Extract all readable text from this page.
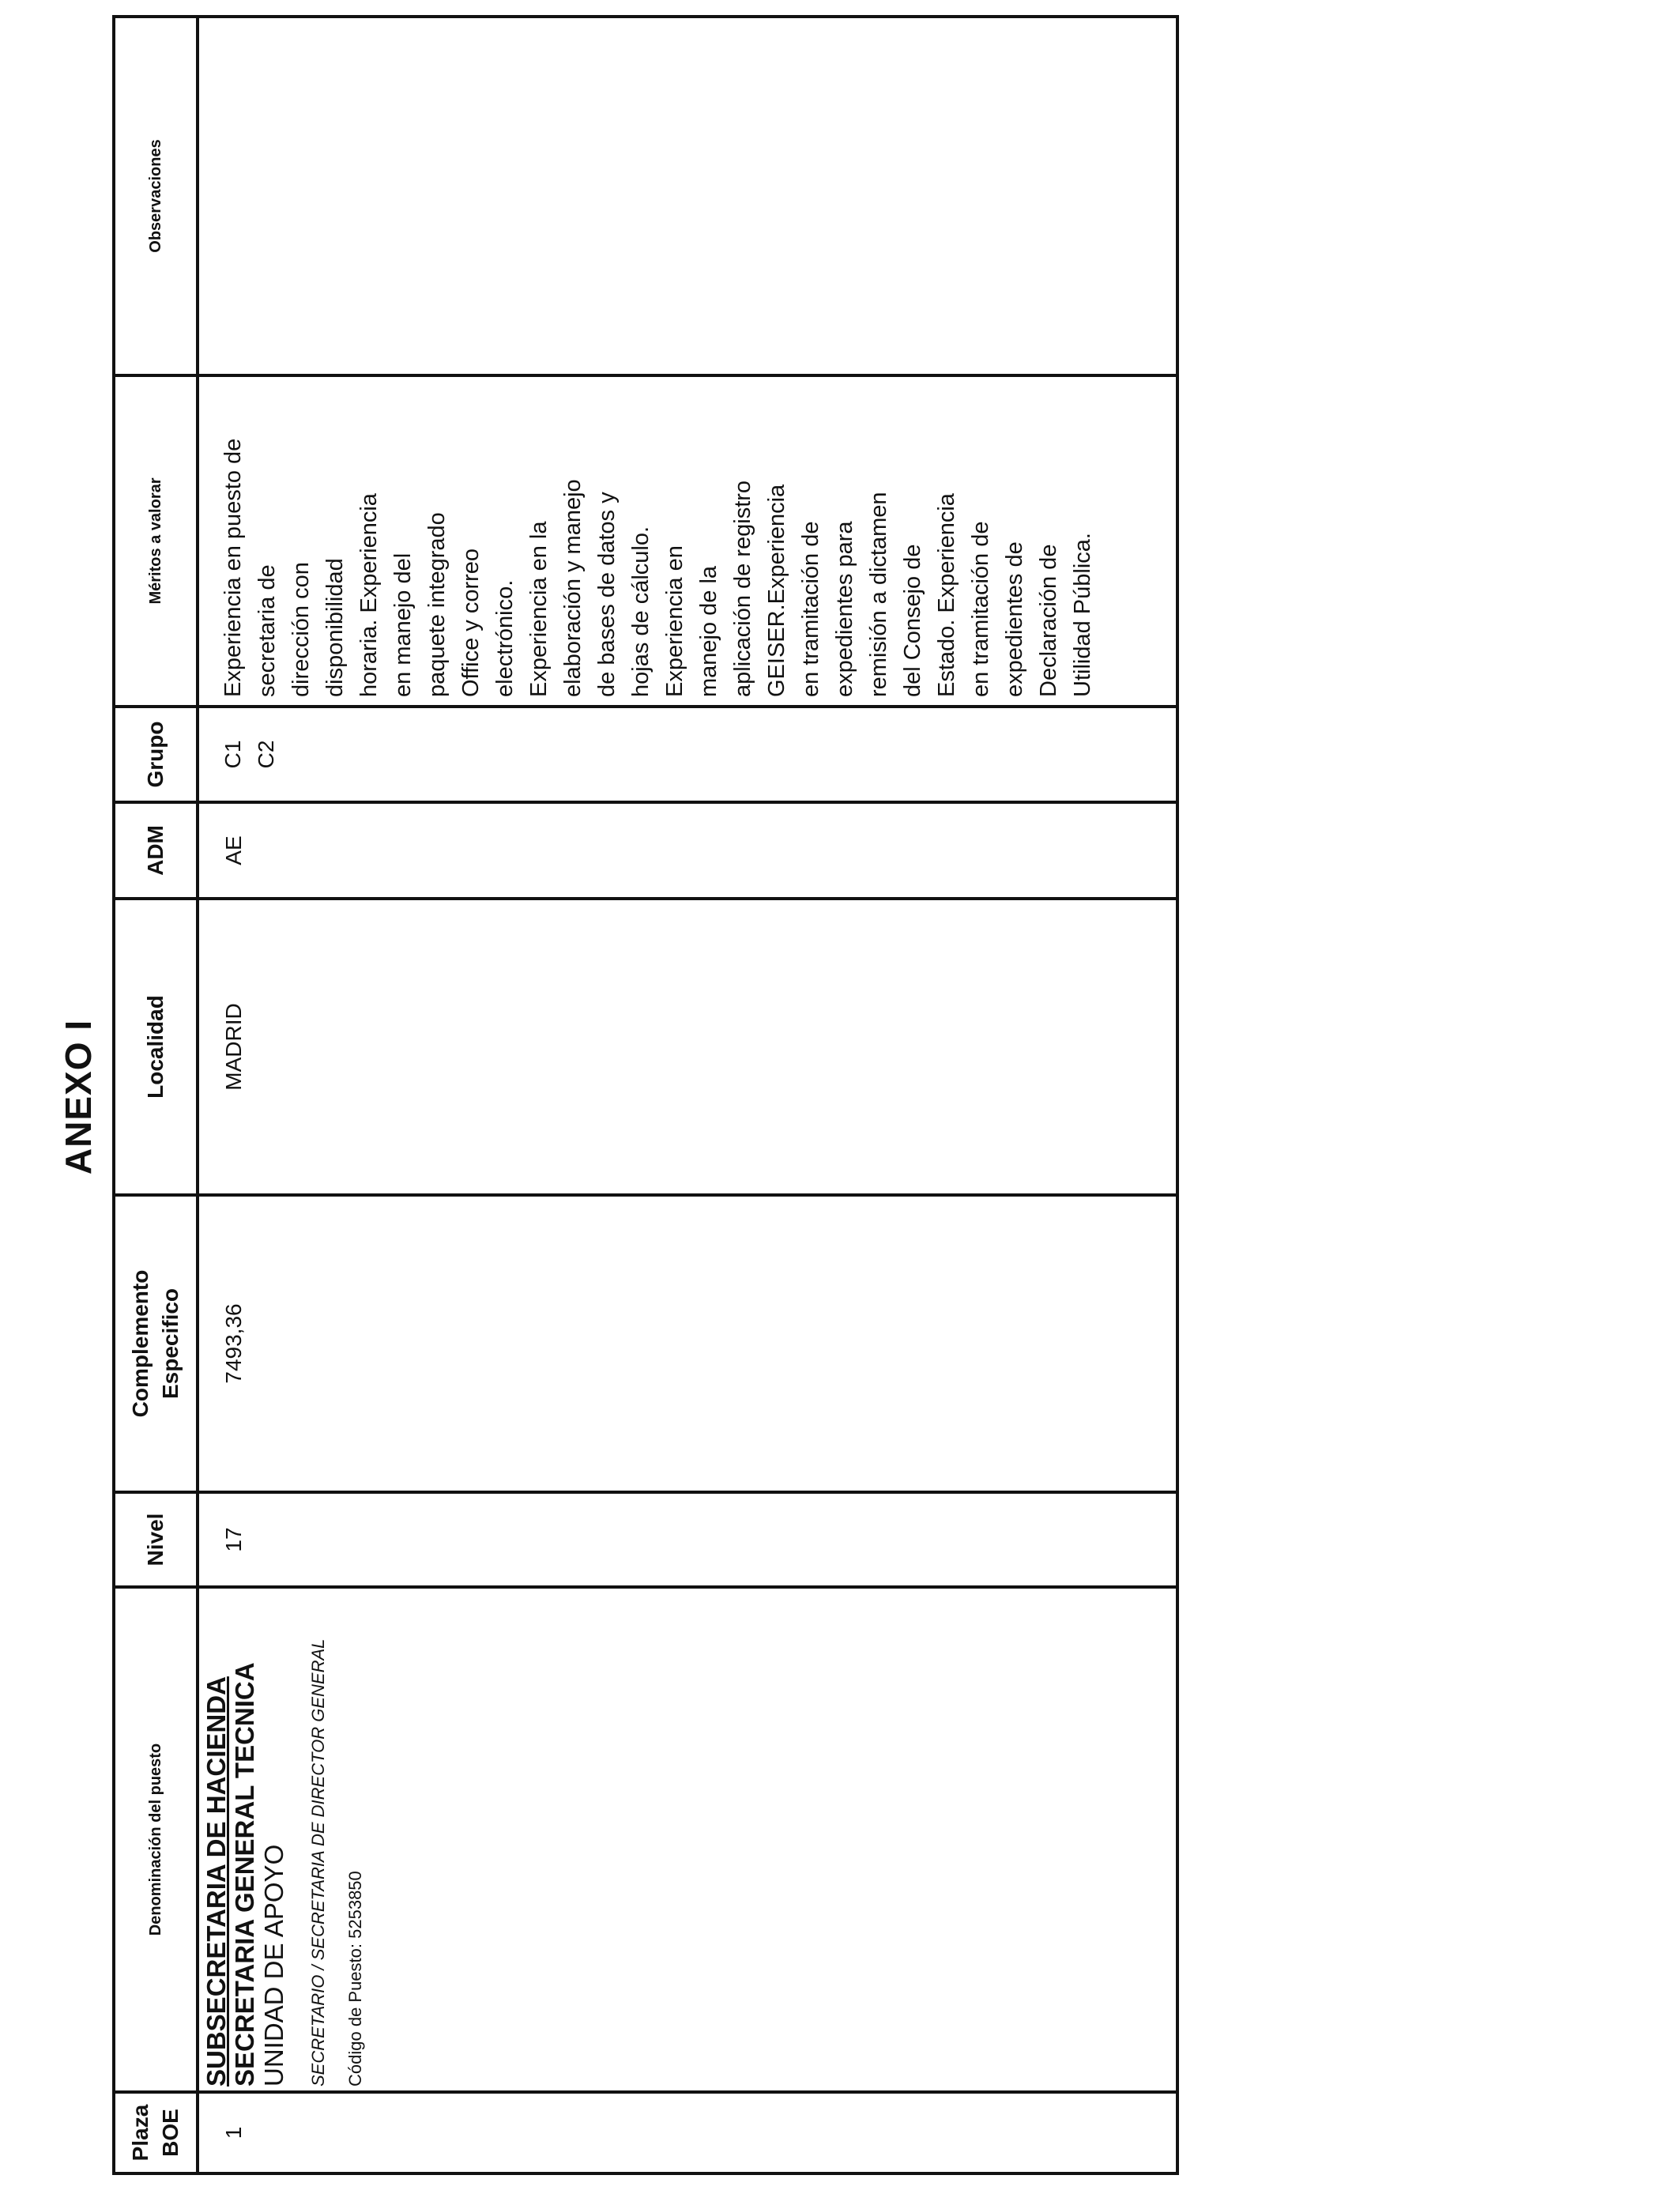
ANEXO I
Plaza BOE
Denominación del puesto
Nivel
Complemento Especifico
Localidad
ADM
Grupo
Méritos a valorar
Observaciones
1
SUBSECRETARIA DE HACIENDA SECRETARIA GENERAL TECNICA UNIDAD DE APOYO SECRETARIO / SECRETARIA DE DIRECTOR GENERAL Código de Puesto: 5253850
17
7493,36
MADRID
AE
C1 C2
Experiencia en puesto de secretaria de dirección con disponibilidad horaria. Experiencia en manejo del paquete integrado Office y correo electrónico. Experiencia en la elaboración y manejo de bases de datos y hojas de cálculo. Experiencia en manejo de la aplicación de registro GEISER.Experiencia en tramitación de expedientes para remisión a dictamen del Consejo de Estado. Experiencia en tramitación de expedientes de Declaración de Utilidad Pública.
